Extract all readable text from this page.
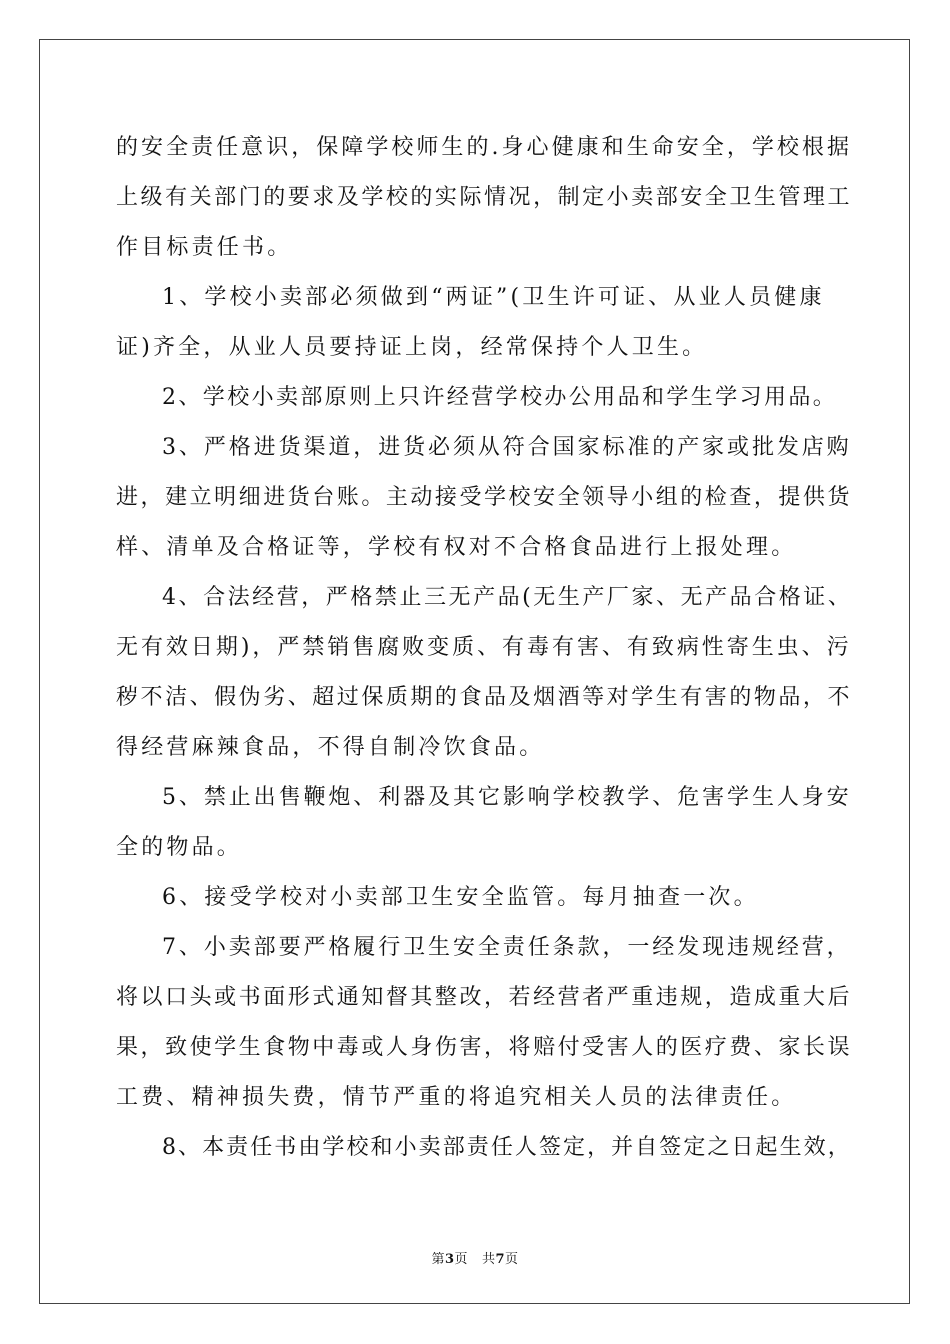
的安全责任意识，保障学校师生的.身心健康和生命安全，学校根据
上级有关部门的要求及学校的实际情况，制定小卖部安全卫生管理工
作目标责任书。
1、学校小卖部必须做到“两证”(卫生许可证、从业人员健康
证)齐全，从业人员要持证上岗，经常保持个人卫生。
2、学校小卖部原则上只许经营学校办公用品和学生学习用品。
3、严格进货渠道，进货必须从符合国家标准的产家或批发店购
进，建立明细进货台账。主动接受学校安全领导小组的检查，提供货
样、清单及合格证等，学校有权对不合格食品进行上报处理。
4、合法经营，严格禁止三无产品(无生产厂家、无产品合格证、
无有效日期)，严禁销售腐败变质、有毒有害、有致病性寄生虫、污
秽不洁、假伪劣、超过保质期的食品及烟酒等对学生有害的物品，不
得经营麻辣食品，不得自制冷饮食品。
5、禁止出售鞭炮、利器及其它影响学校教学、危害学生人身安
全的物品。
6、接受学校对小卖部卫生安全监管。每月抽查一次。
7、小卖部要严格履行卫生安全责任条款，一经发现违规经营，
将以口头或书面形式通知督其整改，若经营者严重违规，造成重大后
果，致使学生食物中毒或人身伤害，将赔付受害人的医疗费、家长误
工费、精神损失费，情节严重的将追究相关人员的法律责任。
8、本责任书由学校和小卖部责任人签定，并自签定之日起生效，
第3页 共7页
